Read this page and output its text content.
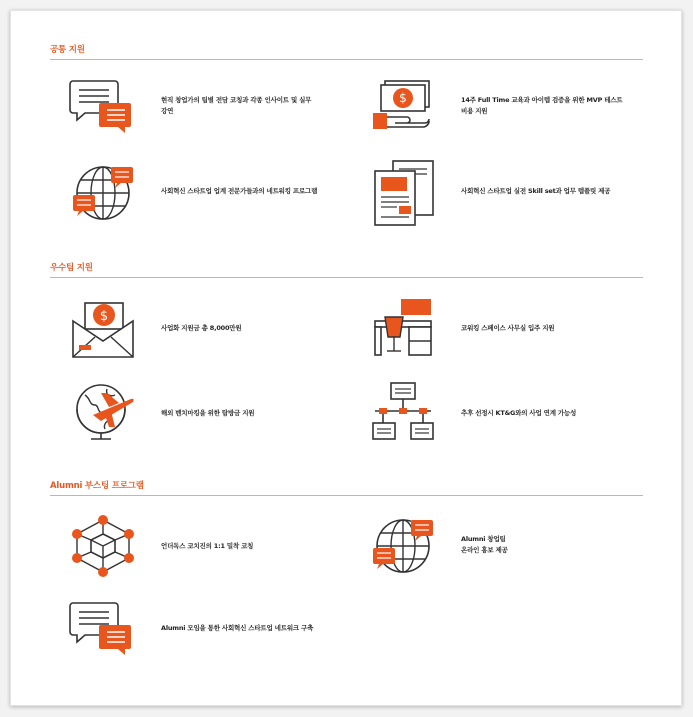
공통 지원
현직 창업가의 팀별 전담 코칭과 각종 인사이트 및 실무
강연
$	14주 Full Time 교육과 아이템 검증을 위한 MVP 테스트
비용 지원
사회혁신 스타트업 업계 전문가들과의 네트워킹 프로그램	사회혁신 스타트업 실전 Skill set과 업무 템플릿 제공
우수팀 지원
$
사업화 지원금 총 8,000만원	코워킹 스페이스 사무실 입주 지원
해외 벤치마킹을 위한 탐방금 지원	추후 선정시 KT&G와의 사업 연계 가능성
Alumni 부스팅 프로그램
언더독스 코치진의 1:1 밀착 코칭
Alumni 창업팀
온라인 홍보 제공
Alumni 모임을 통한 사회혁신 스타트업 네트워크 구축
